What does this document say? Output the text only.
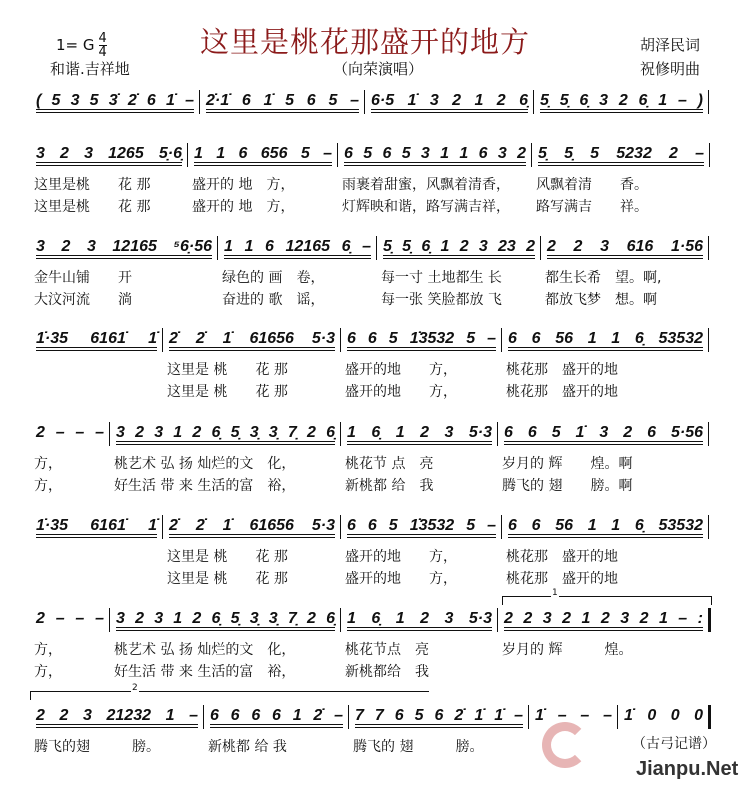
这里是桃花那盛开的地方
1= G $\frac{4}{4}$
和谐.吉祥地	（向荣演唱）
胡泽民词
祝修明曲
( 5 3 5 3̇ 2̇ 6 1̇ – 2̇·1̇ 6 1̇ 5 6 5 – 6·5 1̇ 3 2 1 2 6̣ 5̣ 5̣ 6̣ 3 2 6̣ 1 – )
3 2 3 1265 5̣·6̣
这里是桃　　花 那
这里是桃　　花 那
1 1 6 656 5 –
盛开的 地　方，
盛开的 地　方，
6 5 6 5 3 1 1 6 3 2
雨裹着甜蜜，风飘着清香，
灯辉映和谐，路写满吉祥，
5̣ 5̣ 5 5232 2 –
风飘着清　　香。
路写满吉　　祥。
3 2 3 12165 ⁵6̣·56
金牛山铺　　开
大汶河流　　淌
1 1 6 12165 6̣ –
绿色的 画　卷，
奋进的 歌　谣，
5̣ 5̣ 6̣ 1 2 3 23 2
每一寸 土地都生 长
每一张 笑脸都放 飞
2 2 3 616 1·56
都生长希　望。啊,
都放飞梦　想。啊
1̇·35 6161̇ 1̇ 2̇ 2̇ 1̇ 61656 5·3
这里是 桃　　花 那
这里是 桃　　花 那
6 6 5 1̇3532 5 –
盛开的地　　方，
盛开的地　　方，
6 6 56 1 1 6̣ 53532
桃花那　盛开的地
桃花那　盛开的地
2 – – –
方，
方，
3 2 3 1 2 6̣ 5̣ 3̣ 3̣ 7̣ 2 6̣
桃艺术 弘 扬 灿烂的文　化，
好生活 带 来 生活的富　裕，
1 6̣ 1 2 3 5·3
桃花节 点　亮
新桃都 给　我
6 6 5 1̇ 3 2 6 5·56
岁月的 辉　　煌。啊
腾飞的 翅　　膀。啊
1̇·35 6161̇ 1̇ 2̇ 2̇ 1̇ 61656 5·3
这里是 桃　　花 那
这里是 桃　　花 那
6 6 5 1̇3532 5 –
盛开的地　　方，
盛开的地　　方，
6 6 56 1 1 6̣ 53532
桃花那　盛开的地
桃花那　盛开的地
1
2 – – –
方，
方，
3 2 3 1 2 6̣ 5̣ 3̣ 3̣ 7̣ 2 6̣
桃艺术 弘 扬 灿烂的文　化，
好生活 带 来 生活的富　裕，
1 6̣ 1 2 3 5·3
桃花节点　亮
新桃都给　我
2 2 3 2 1 2 3 2 1 – :
岁月的 辉　　　煌。
2
2 2 3 21232 1 –
腾飞的翅　　　膀。
6 6 6 6 1 2̇ –
新桃都 给 我
7 7 6 5 6 2̇ 1̇ 1̇ –
腾飞的 翅　　　膀。
1̇ – – – 1̇ 0 0 0
（古弓记谱）
Jianpu.Net
